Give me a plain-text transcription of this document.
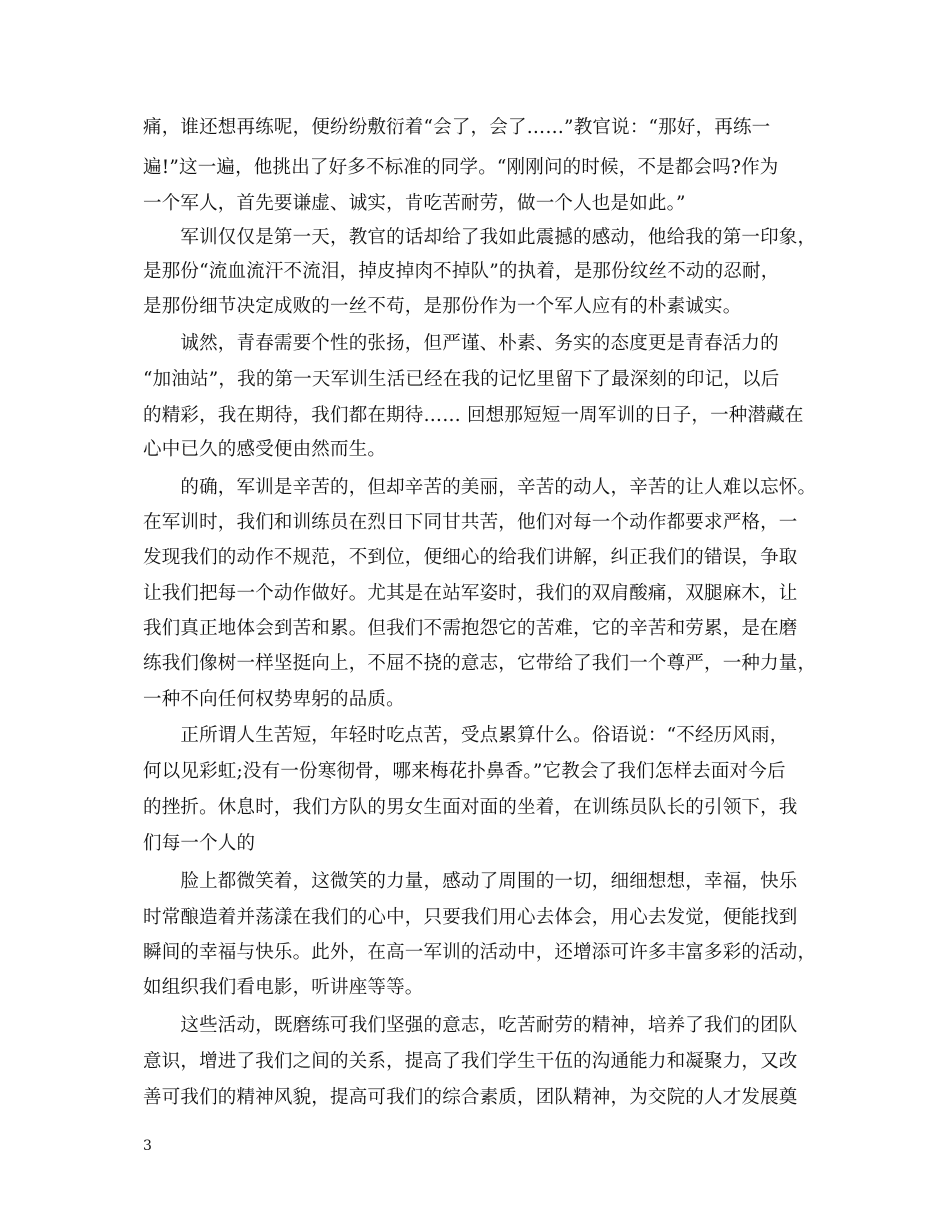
痛，谁还想再练呢，便纷纷敷衍着“会了，会了……”教官说：“那好，再练一
遍!”这一遍，他挑出了好多不标准的同学。“刚刚问的时候，不是都会吗?作为
一个军人，首先要谦虚、诚实，肯吃苦耐劳，做一个人也是如此。”
　　军训仅仅是第一天，教官的话却给了我如此震撼的感动，他给我的第一印象，
是那份“流血流汗不流泪，掉皮掉肉不掉队”的执着，是那份纹丝不动的忍耐，
是那份细节决定成败的一丝不苟，是那份作为一个军人应有的朴素诚实。
　　诚然，青春需要个性的张扬，但严谨、朴素、务实的态度更是青春活力的
“加油站”，我的第一天军训生活已经在我的记忆里留下了最深刻的印记，以后
的精彩，我在期待，我们都在期待…… 回想那短短一周军训的日子，一种潜藏在
心中已久的感受便由然而生。
　　的确，军训是辛苦的，但却辛苦的美丽，辛苦的动人，辛苦的让人难以忘怀。
在军训时，我们和训练员在烈日下同甘共苦，他们对每一个动作都要求严格，一
发现我们的动作不规范，不到位，便细心的给我们讲解，纠正我们的错误，争取
让我们把每一个动作做好。尤其是在站军姿时，我们的双肩酸痛，双腿麻木，让
我们真正地体会到苦和累。但我们不需抱怨它的苦难，它的辛苦和劳累，是在磨
练我们像树一样坚挺向上，不屈不挠的意志，它带给了我们一个尊严，一种力量，
一种不向任何权势卑躬的品质。
　　正所谓人生苦短，年轻时吃点苦，受点累算什么。俗语说：“不经历风雨，
何以见彩虹;没有一份寒彻骨，哪来梅花扑鼻香。”它教会了我们怎样去面对今后
的挫折。休息时，我们方队的男女生面对面的坐着，在训练员队长的引领下，我
们每一个人的
　　脸上都微笑着，这微笑的力量，感动了周围的一切，细细想想，幸福，快乐
时常酿造着并荡漾在我们的心中，只要我们用心去体会，用心去发觉，便能找到
瞬间的幸福与快乐。此外，在高一军训的活动中，还增添可许多丰富多彩的活动，
如组织我们看电影，听讲座等等。
　　这些活动，既磨练可我们坚强的意志，吃苦耐劳的精神，培养了我们的团队
意识，增进了我们之间的关系，提高了我们学生干伍的沟通能力和凝聚力，又改
善可我们的精神风貌，提高可我们的综合素质，团队精神，为交院的人才发展奠
3
